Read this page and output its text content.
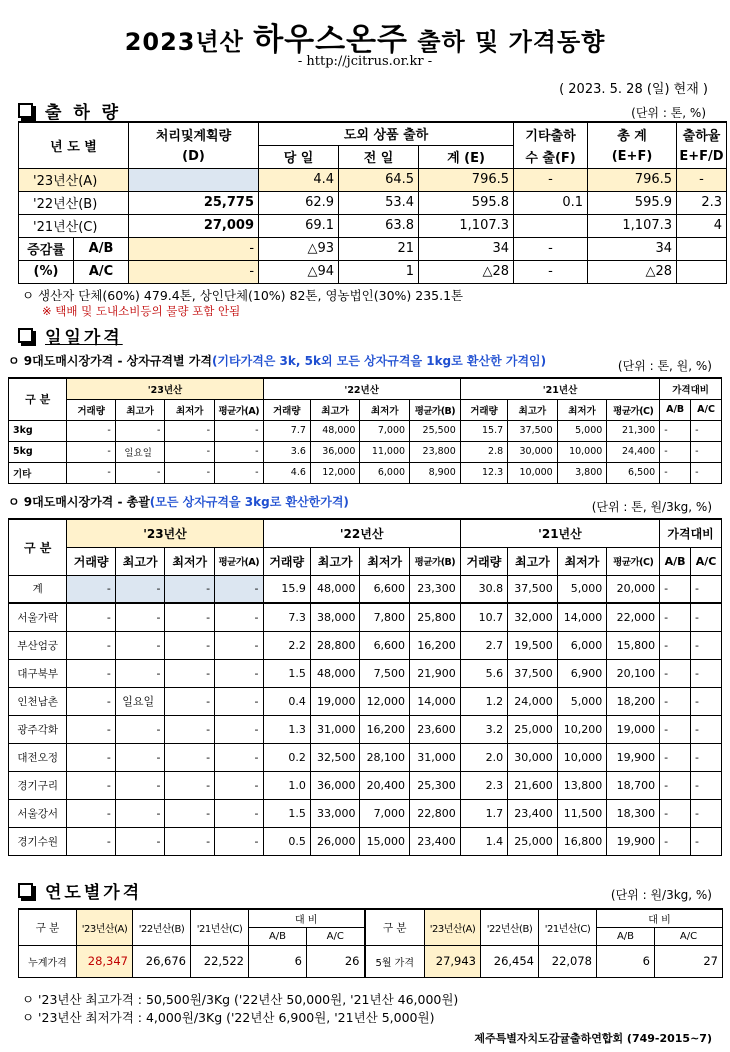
2023년산 하우스온주 출하 및 가격동향
- http://jcitrus.or.kr -
( 2023. 5. 28 (일) 현재 )
출 하 량	(단위 : 톤, %)
년 도 별		처리및계획량	도외 상품 출하			기타출하	총 계	출하율
		(D)	당 일	전 일	계 (E)	수 출(F)	(E+F)	E+F/D
'23년산(A)			4.4	64.5	796.5	-	796.5	-
'22년산(B)		25,775	62.9	53.4	595.8	0.1	595.9	2.3
'21년산(C)		27,009	69.1	63.8	1,107.3		1,107.3	4
증감률	A/B	-	△93	21	34	-	34	
(%)	A/C	-	△94	1	△28	-	△28	
ㅇ 생산자 단체(60%) 479.4톤, 상인단체(10%) 82톤, 영농법인(30%) 235.1톤
※ 택배 및 도내소비등의 물량 포함 안됨
일일가격
ㅇ 9대도매시장가격 - 상자규격별 가격(기타가격은 3k, 5k외 모든 상자규격을 1kg로 환산한 가격임)	(단위 : 톤, 원, %)
구 분	'23년산				'22년산				'21년산				가격대비	
	거래량	최고가	최저가	평균가(A)	거래량	최고가	최저가	평균가(B)	거래량	최고가	최저가	평균가(C)	A/B	A/C
3kg	-	-	-	-	7.7	48,000	7,000	25,500	15.7	37,500	5,000	21,300	-	-
5kg	-	일요일	-	-	3.6	36,000	11,000	23,800	2.8	30,000	10,000	24,400	-	-
기타	-	-	-	-	4.6	12,000	6,000	8,900	12.3	10,000	3,800	6,500	-	-
ㅇ 9대도매시장가격 - 총괄(모든 상자규격을 3kg로 환산한가격)	(단위 : 톤, 원/3kg, %)
구 분	'23년산				'22년산				'21년산				가격대비	
	거래량	최고가	최저가	평균가(A)	거래량	최고가	최저가	평균가(B)	거래량	최고가	최저가	평균가(C)	A/B	A/C
계	-	-	-	-	15.9	48,000	6,600	23,300	30.8	37,500	5,000	20,000	-	-
서울가락	-	-	-	-	7.3	38,000	7,800	25,800	10.7	32,000	14,000	22,000	-	-
부산엄궁	-	-	-	-	2.2	28,800	6,600	16,200	2.7	19,500	6,000	15,800	-	-
대구북부	-	-	-	-	1.5	48,000	7,500	21,900	5.6	37,500	6,900	20,100	-	-
인천남촌	-	일요일	-	-	0.4	19,000	12,000	14,000	1.2	24,000	5,000	18,200	-	-
광주각화	-	-	-	-	1.3	31,000	16,200	23,600	3.2	25,000	10,200	19,000	-	-
대전오정	-	-	-	-	0.2	32,500	28,100	31,000	2.0	30,000	10,000	19,900	-	-
경기구리	-	-	-	-	1.0	36,000	20,400	25,300	2.3	21,600	13,800	18,700	-	-
서울강서	-	-	-	-	1.5	33,000	7,000	22,800	1.7	23,400	11,500	18,300	-	-
경기수원	-	-	-	-	0.5	26,000	15,000	23,400	1.4	25,000	16,800	19,900	-	-
연도별가격	(단위 : 원/3kg, %)
구 분	'23년산(A)	'22년산(B)	'21년산(C)	대 비		구 분	'23년산(A)	'22년산(B)	'21년산(C)	대 비	
				A/B	A/C					A/B	A/C
누계가격	28,347	26,676	22,522	6	26	5월 가격	27,943	26,454	22,078	6	27
ㅇ '23년산 최고가격 : 50,500원/3Kg ('22년산 50,000원, '21년산 46,000원)
ㅇ '23년산 최저가격 : 4,000원/3Kg ('22년산 6,900원, '21년산 5,000원)
제주특별자치도감귤출하연합회 (749-2015~7)
